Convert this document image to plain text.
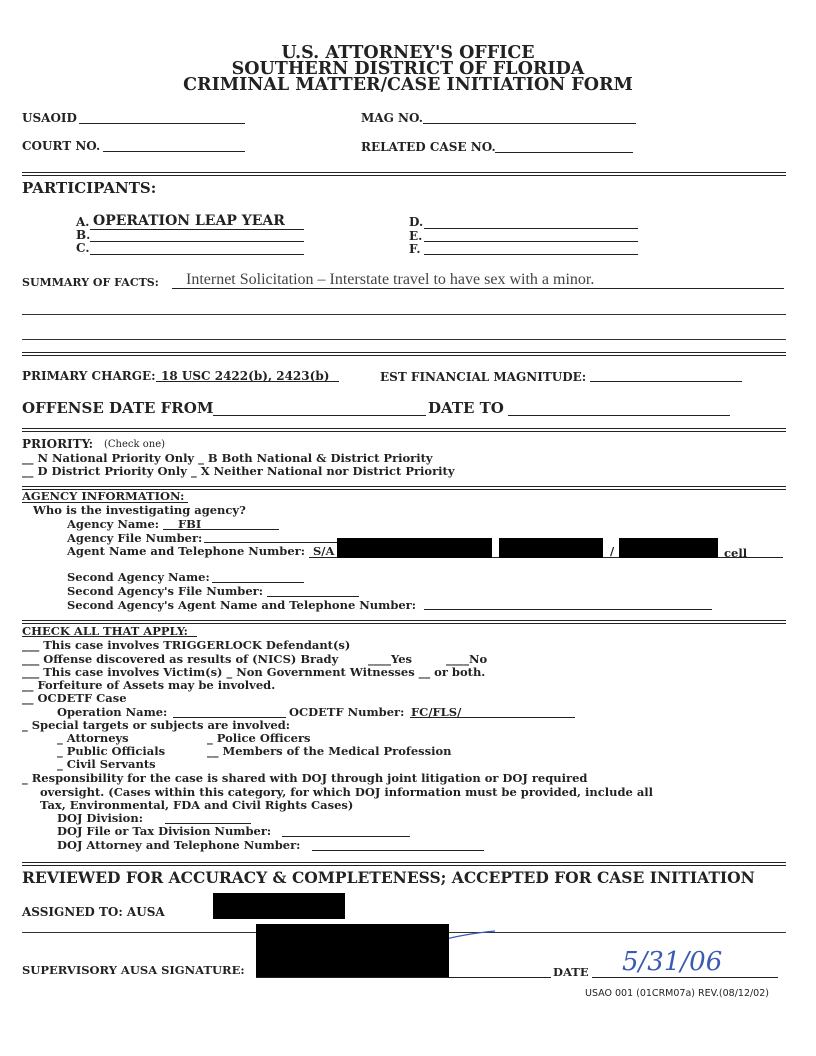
U.S. ATTORNEY'S OFFICE
SOUTHERN DISTRICT OF FLORIDA
CRIMINAL MATTER/CASE INITIATION FORM
USAOID	MAG NO.
COURT NO.	RELATED CASE NO.
PARTICIPANTS:
A. OPERATION LEAP YEAR
B.
C.
D.
E.
F.
SUMMARY OF FACTS: Internet Solicitation – Interstate travel to have sex with a minor.
PRIMARY CHARGE: 18 USC 2422(b), 2423(b)	EST FINANCIAL MAGNITUDE:
OFFENSE DATE FROM	DATE TO
PRIORITY: (Check one)
__ N National Priority Only _ B Both National & District Priority
__ D District Priority Only _ X Neither National nor District Priority
AGENCY INFORMATION:
Who is the investigating agency?
Agency Name: FBI
Agency File Number:
Agent Name and Telephone Number: S/A	/	cell
Second Agency Name:
Second Agency's File Number:
Second Agency's Agent Name and Telephone Number:
CHECK ALL THAT APPLY:
___ This case involves TRIGGERLOCK Defendant(s)
___ Offense discovered as results of (NICS) Brady	____Yes	____No
___ This case involves Victim(s) _ Non Government Witnesses __ or both.
__ Forfeiture of Assets may be involved.
__ OCDETF Case
Operation Name:	OCDETF Number: FC/FLS/
_ Special targets or subjects are involved:
_ Attorneys	_ Police Officers
_ Public Officials	__ Members of the Medical Profession
_ Civil Servants
_ Responsibility for the case is shared with DOJ through joint litigation or DOJ required
oversight. (Cases within this category, for which DOJ information must be provided, include all
Tax, Environmental, FDA and Civil Rights Cases)
DOJ Division:
DOJ File or Tax Division Number:
DOJ Attorney and Telephone Number:
REVIEWED FOR ACCURACY & COMPLETENESS; ACCEPTED FOR CASE INITIATION
ASSIGNED TO: AUSA
SUPERVISORY AUSA SIGNATURE:	DATE 5/31/06
USAO 001 (01CRM07a) REV.(08/12/02)
